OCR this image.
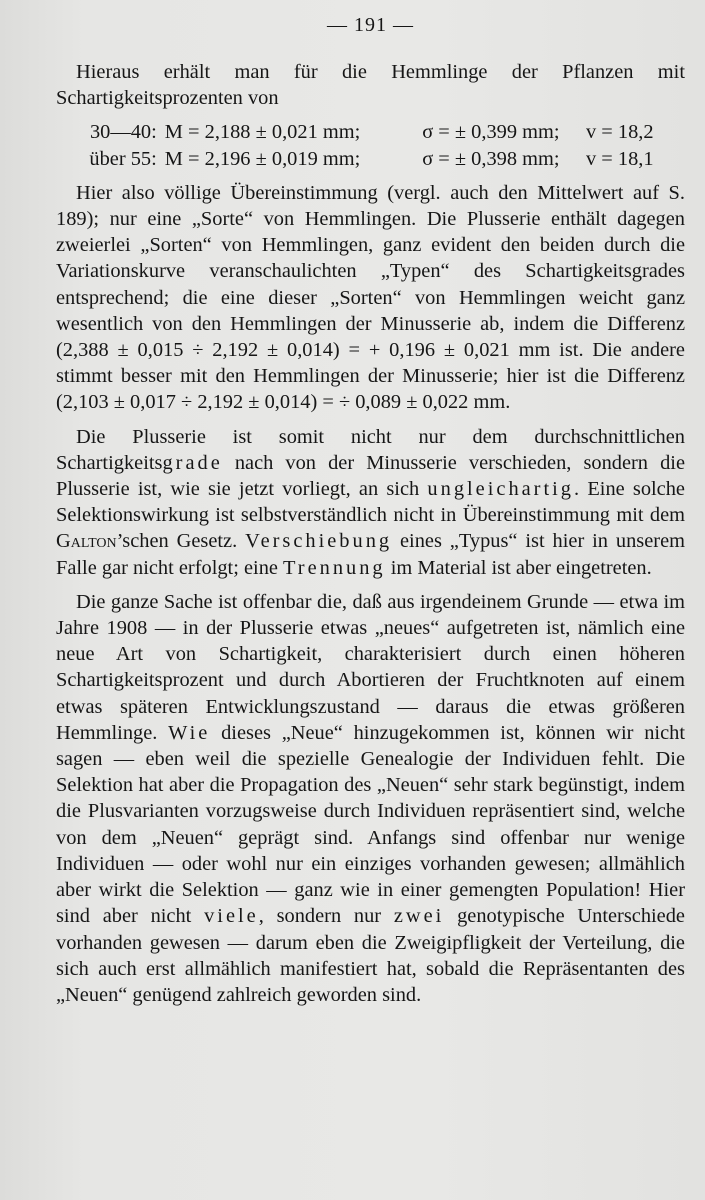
— 191 —

Hieraus erhält man für die Hemmlinge der Pflanzen mit Schartigkeitsprozenten von

30—40: M = 2,188 ± 0,021 mm;	σ = ± 0,399 mm;	v = 18,2
über 55: M = 2,196 ± 0,019 mm;	σ = ± 0,398 mm;	v = 18,1

Hier also völlige Übereinstimmung (vergl. auch den Mittelwert auf S. 189); nur eine „Sorte“ von Hemmlingen. Die Plusserie enthält dagegen zweierlei „Sorten“ von Hemmlingen, ganz evident den beiden durch die Variationskurve veranschaulichten „Typen“ des Schartigkeitsgrades entsprechend; die eine dieser „Sorten“ von Hemmlingen weicht ganz wesentlich von den Hemmlingen der Minusserie ab, indem die Differenz (2,388 ± 0,015 ÷ 2,192 ± 0,014) = + 0,196 ± 0,021 mm ist. Die andere stimmt besser mit den Hemmlingen der Minusserie; hier ist die Differenz (2,103 ± 0,017 ÷ 2,192 ± 0,014) = ÷ 0,089 ± 0,022 mm.

Die Plusserie ist somit nicht nur dem durchschnittlichen Schartigkeitsgrade nach von der Minusserie verschieden, sondern die Plusserie ist, wie sie jetzt vorliegt, an sich ungleichartig. Eine solche Selektionswirkung ist selbstverständlich nicht in Übereinstimmung mit dem Galton’schen Gesetz. Verschiebung eines „Typus“ ist hier in unserem Falle gar nicht erfolgt; eine Trennung im Material ist aber eingetreten.

Die ganze Sache ist offenbar die, daß aus irgendeinem Grunde — etwa im Jahre 1908 — in der Plusserie etwas „neues“ aufgetreten ist, nämlich eine neue Art von Schartigkeit, charakterisiert durch einen höheren Schartigkeitsprozent und durch Abortieren der Fruchtknoten auf einem etwas späteren Entwicklungszustand — daraus die etwas größeren Hemmlinge. Wie dieses „Neue“ hinzugekommen ist, können wir nicht sagen — eben weil die spezielle Genealogie der Individuen fehlt. Die Selektion hat aber die Propagation des „Neuen“ sehr stark begünstigt, indem die Plusvarianten vorzugsweise durch Individuen repräsentiert sind, welche von dem „Neuen“ geprägt sind. Anfangs sind offenbar nur wenige Individuen — oder wohl nur ein einziges vorhanden gewesen; allmählich aber wirkt die Selektion — ganz wie in einer gemengten Population! Hier sind aber nicht viele, sondern nur zwei genotypische Unterschiede vorhanden gewesen — darum eben die Zweigipfligkeit der Verteilung, die sich auch erst allmählich manifestiert hat, sobald die Repräsentanten des „Neuen“ genügend zahlreich geworden sind.
